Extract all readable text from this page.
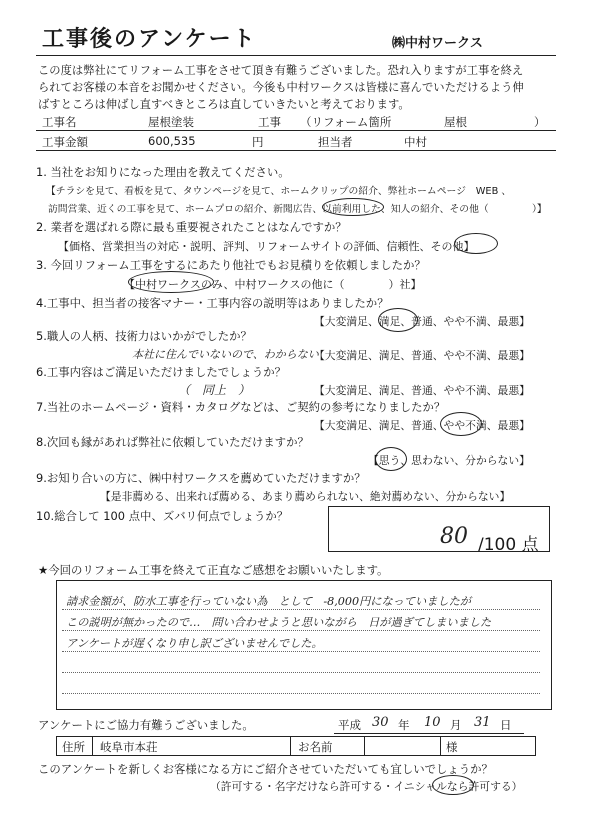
工事後のアンケート	㈱中村ワークス
この度は弊社にてリフォーム工事をさせて頂き有難うございました。恐れ入りますが工事を終え
られてお客様の本音をお聞かせください。今後も中村ワークスは皆様に喜んでいただけるよう伸
ばすところは伸ばし直すべきところは直していきたいと考えております。
工事名	屋根塗装	工事 （リフォーム箇所	屋根	）
工事金額	600,535	円	担当者	中村
1. 当社をお知りになった理由を教えてください。
【チラシを見て、看板を見て、タウンページを見て、ホームクリップの紹介、弊社ホームページ　WEB 、
訪問営業、近くの工事を見て、ホームプロの紹介、新聞広告、以前利用した、知人の紹介、その他（	）】
2. 業者を選ばれる際に最も重要視されたことはなんですか？
【価格、営業担当の対応・説明、評判、リフォームサイトの評価、信頼性、その他】
3. 今回リフォーム工事をするにあたり他社でもお見積りを依頼しましたか？
【中村ワークスのみ、中村ワークスの他に（　　　　）社】
4.工事中、担当者の接客マナー・工事内容の説明等はありましたか？
【大変満足、満足、普通、やや不満、最悪】
5.職人の人柄、技術力はいかがでしたか？
本社に住んでいないので、わからない
【大変満足、満足、普通、やや不満、最悪】
6.工事内容はご満足いただけましたでしょうか？
（　同上　）	【大変満足、満足、普通、やや不満、最悪】
7.当社のホームページ・資料・カタログなどは、ご契約の参考になりましたか？
【大変満足、満足、普通、やや不満、最悪】
8.次回も縁があれば弊社に依頼していただけますか？
【思う、思わない、分からない】
9.お知り合いの方に、㈱中村ワークスを薦めていただけますか？
【是非薦める、出来れば薦める、あまり薦められない、絶対薦めない、分からない】
10.総合して 100 点中、ズバリ何点でしょうか？
80 /100 点
★今回のリフォーム工事を終えて正直なご感想をお願いいたします。
請求金額が、防水工事を行っていない為　として　-8,000円になっていましたが
この説明が無かったので…　問い合わせようと思いながら　日が過ぎてしまいました
アンケートが遅くなり申し訳ございませんでした。
アンケートにご協力有難うございました。	平成 30 年 10 月 31 日
住所 岐阜市本荘	お名前	様
このアンケートを新しくお客様になる方にご紹介させていただいても宜しいでしょうか？
（許可する・名字だけなら許可する・イニシャルなら許可する）
